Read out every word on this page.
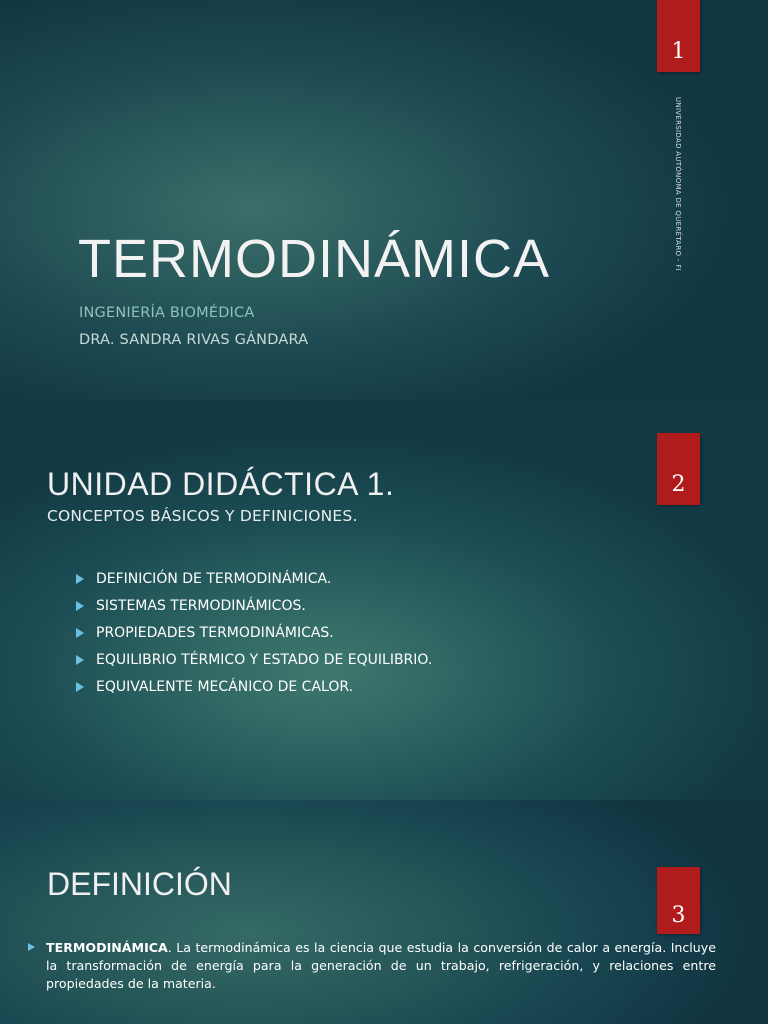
1
UNIVERSIDAD AUTÓNOMA DE QUERÉTARO - FI
TERMODINÁMICA

INGENIERÍA BIOMÉDICA

DRA. SANDRA RIVAS GÁNDARA

2
UNIDAD DIDÁCTICA 1.

CONCEPTOS BÁSICOS Y DEFINICIONES.

DEFINICIÓN DE TERMODINÁMICA.
SISTEMAS TERMODINÁMICOS.
PROPIEDADES TERMODINÁMICAS.
EQUILIBRIO TÉRMICO Y ESTADO DE EQUILIBRIO.
EQUIVALENTE MECÁNICO DE CALOR.
3
DEFINICIÓN

TERMODINÁMICA. La termodinámica es la ciencia que estudia la conversión de calor a energía. Incluye la transformación de energía para la generación de un trabajo, refrigeración, y relaciones entre propiedades de la materia.
